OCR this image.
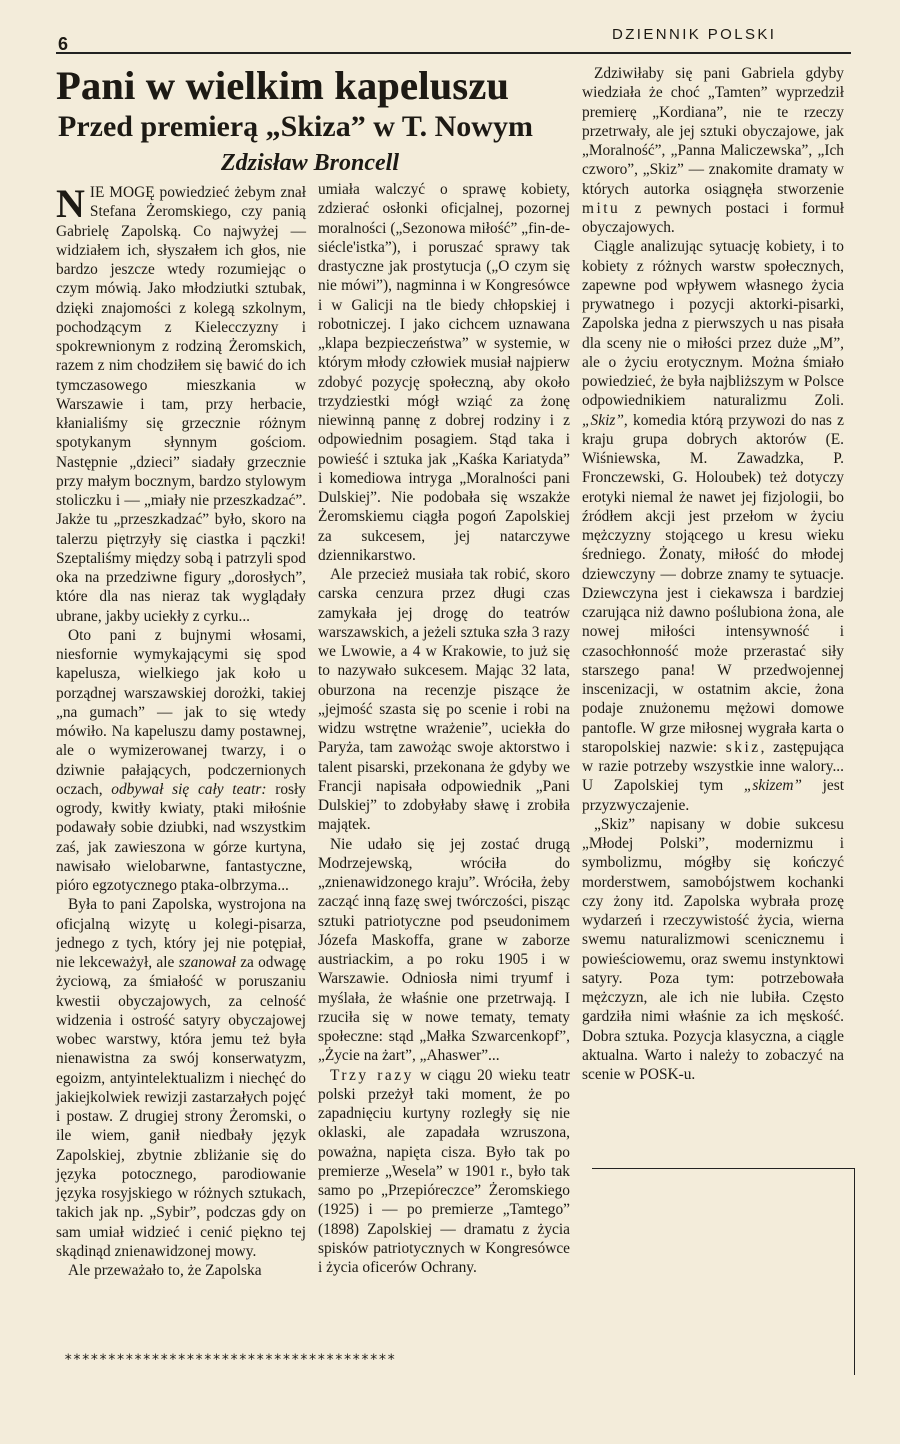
6	DZIENNIK POLSKI
Pani w wielkim kapeluszu
Przed premierą „Skiza” w T. Nowym
Zdzisław Broncell

NIE MOGĘ powiedzieć żebym znał Stefana Żeromskiego, czy panią Gabrielę Zapolską. Co najwyżej — widziałem ich, słyszałem ich głos, nie bardzo jeszcze wtedy rozumiejąc o czym mówią. Jako młodziutki sztubak, dzięki znajomości z kolegą szkolnym, pochodzącym z Kielecczyzny i spokrewnionym z rodziną Żeromskich, razem z nim chodziłem się bawić do ich tymczasowego mieszkania w Warszawie i tam, przy herbacie, kłanialiśmy się grzecznie różnym spotykanym słynnym gościom. Następnie „dzieci” siadały grzecznie przy małym bocznym, bardzo stylowym stoliczku i — „miały nie przeszkadzać”. Jakże tu „przeszkadzać” było, skoro na talerzu piętrzyły się ciastka i pączki! Szeptaliśmy między sobą i patrzyli spod oka na przedziwne figury „dorosłych”, które dla nas nieraz tak wyglądały ubrane, jakby uciekły z cyrku...

Oto pani z bujnymi włosami, niesfornie wymykającymi się spod kapelusza, wielkiego jak koło u porządnej warszawskiej dorożki, takiej „na gumach” — jak to się wtedy mówiło. Na kapeluszu damy postawnej, ale o wymizerowanej twarzy, i o dziwnie pałających, podczernionych oczach, odbywał się cały teatr: rosły ogrody, kwitły kwiaty, ptaki miłośnie podawały sobie dziubki, nad wszystkim zaś, jak zawieszona w górze kurtyna, nawisało wielobarwne, fantastyczne, pióro egzotycznego ptaka-olbrzyma...

Była to pani Zapolska, wystrojona na oficjalną wizytę u kolegi-pisarza, jednego z tych, który jej nie potępiał, nie lekceważył, ale szanował za odwagę życiową, za śmiałość w poruszaniu kwestii obyczajowych, za celność widzenia i ostrość satyry obyczajowej wobec warstwy, która jemu też była nienawistna za swój konserwatyzm, egoizm, antyintelektualizm i niechęć do jakiejkolwiek rewizji zastarzałych pojęć i postaw. Z drugiej strony Żeromski, o ile wiem, ganił niedbały język Zapolskiej, zbytnie zbliżanie się do języka potocznego, parodiowanie języka rosyjskiego w różnych sztukach, takich jak np. „Sybir”, podczas gdy on sam umiał widzieć i cenić piękno tej skądinąd znienawidzonej mowy.

Ale przeważało to, że Zapolska

umiała walczyć o sprawę kobiety, zdzierać osłonki oficjalnej, pozornej moralności („Sezonowa miłość” „fin-de-siécle'istka”), i poruszać sprawy tak drastyczne jak prostytucja („O czym się nie mówi”), nagminna i w Kongresówce i w Galicji na tle biedy chłopskiej i robotniczej. I jako cichcem uznawana „klapa bezpieczeństwa” w systemie, w którym młody człowiek musiał najpierw zdobyć pozycję społeczną, aby około trzydziestki mógł wziąć za żonę niewinną pannę z dobrej rodziny i z odpowiednim posagiem. Stąd taka i powieść i sztuka jak „Kaśka Kariatyda” i komediowa intryga „Moralności pani Dulskiej”. Nie podobała się wszakże Żeromskiemu ciągła pogoń Zapolskiej za sukcesem, jej natarczywe dziennikarstwo.

Ale przecież musiała tak robić, skoro carska cenzura przez długi czas zamykała jej drogę do teatrów warszawskich, a jeżeli sztuka szła 3 razy we Lwowie, a 4 w Krakowie, to już się to nazywało sukcesem. Mając 32 lata, oburzona na recenzje piszące że „jejmość szasta się po scenie i robi na widzu wstrętne wrażenie”, uciekła do Paryża, tam zawożąc swoje aktorstwo i talent pisarski, przekonana że gdyby we Francji napisała odpowiednik „Pani Dulskiej” to zdobyłaby sławę i zrobiła majątek.

Nie udało się jej zostać drugą Modrzejewską, wróciła do „znienawidzonego kraju”. Wróciła, żeby zacząć inną fazę swej twórczości, pisząc sztuki patriotyczne pod pseudonimem Józefa Maskoffa, grane w zaborze austriackim, a po roku 1905 i w Warszawie. Odniosła nimi tryumf i myślała, że właśnie one przetrwają. I rzuciła się w nowe tematy, tematy społeczne: stąd „Małka Szwarcenkopf”, „Życie na żart”, „Ahaswer”...

Trzy razy w ciągu 20 wieku teatr polski przeżył taki moment, że po zapadnięciu kurtyny rozległy się nie oklaski, ale zapadała wzruszona, poważna, napięta cisza. Było tak po premierze „Wesela” w 1901 r., było tak samo po „Przepióreczce” Żeromskiego (1925) i — po premierze „Tamtego” (1898) Zapolskiej — dramatu z życia spisków patriotycznych w Kongresówce i życia oficerów Ochrany.

Zdziwiłaby się pani Gabriela gdyby wiedziała że choć „Tamten” wyprzedził premierę „Kordiana”, nie te rzeczy przetrwały, ale jej sztuki obyczajowe, jak „Moralność”, „Panna Maliczewska”, „Ich czworo”, „Skiz” — znakomite dramaty w których autorka osiągnęła stworzenie mitu z pewnych postaci i formuł obyczajowych.

Ciągle analizując sytuację kobiety, i to kobiety z różnych warstw społecznych, zapewne pod wpływem własnego życia prywatnego i pozycji aktorki-pisarki, Zapolska jedna z pierwszych u nas pisała dla sceny nie o miłości przez duże „M”, ale o życiu erotycznym. Można śmiało powiedzieć, że była najbliższym w Polsce odpowiednikiem naturalizmu Zoli. „Skiz”, komedia którą przywozi do nas z kraju grupa dobrych aktorów (E. Wiśniewska, M. Zawadzka, P. Fronczewski, G. Holoubek) też dotyczy erotyki niemal że nawet jej fizjologii, bo źródłem akcji jest przełom w życiu mężczyzny stojącego u kresu wieku średniego. Żonaty, miłość do młodej dziewczyny — dobrze znamy te sytuacje. Dziewczyna jest i ciekawsza i bardziej czarująca niż dawno poślubiona żona, ale nowej miłości intensywność i czasochłonność może przerastać siły starszego pana! W przedwojennej inscenizacji, w ostatnim akcie, żona podaje znużonemu mężowi domowe pantofle. W grze miłosnej wygrała karta o staropolskiej nazwie: skiz, zastępująca w razie potrzeby wszystkie inne walory... U Zapolskiej tym „skizem” jest przyzwyczajenie.

„Skiz” napisany w dobie sukcesu „Młodej Polski”, modernizmu i symbolizmu, mógłby się kończyć morderstwem, samobójstwem kochanki czy żony itd. Zapolska wybrała prozę wydarzeń i rzeczywistość życia, wierna swemu naturalizmowi scenicznemu i powieściowemu, oraz swemu instynktowi satyry. Poza tym: potrzebowała mężczyzn, ale ich nie lubiła. Często gardziła nimi właśnie za ich męskość. Dobra sztuka. Pozycja klasyczna, a ciągle aktualna. Warto i należy to zobaczyć na scenie w POSK-u.

**************************************
